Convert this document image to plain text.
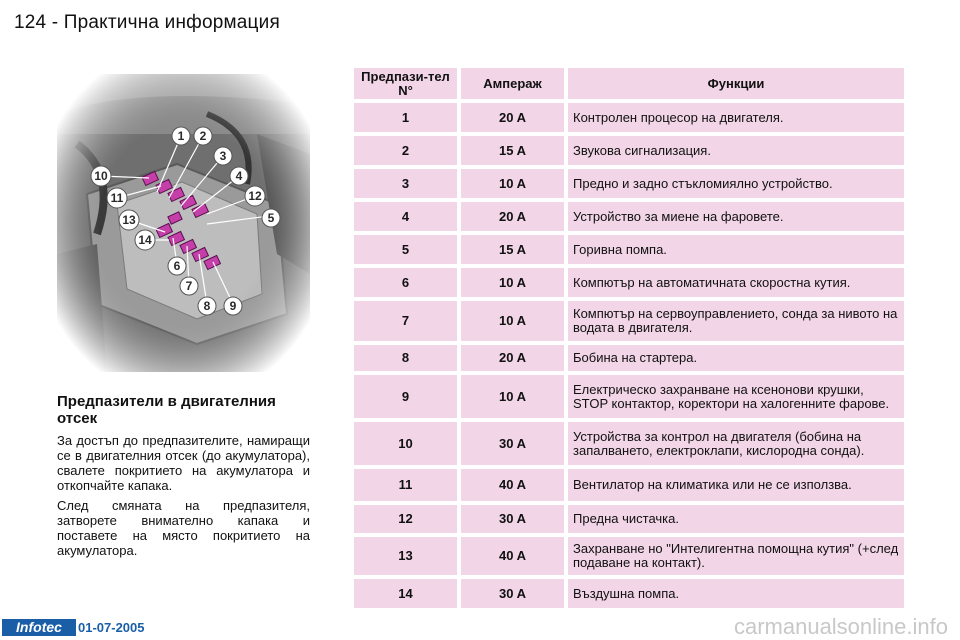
124 - Практична информация
1 2
3
4
5
6
7
8 9
10
11	12
13
14
Предпазители в двигателния отсек

За достъп до предпазителите, намиращи се в двигателния отсек (до акумулатора), свалете покритието на акумулатора и откопчайте капака.

След смяната на предпазителя, затворете внимателно капака и поставете на място покритието на акумулатора.

Предпази-тел N°	Ампераж	Функции
1	20 A	Контролен процесор на двигателя.
2	15 A	Звукова сигнализация.
3	10 A	Предно и задно стъкломиялно устройство.
4	20 A	Устройство за миене на фаровете.
5	15 A	Горивна помпа.
6	10 A	Компютър на автоматичната скоростна кутия.
7	10 A	Компютър на сервоуправлението, сонда за нивото на водата в двигателя.
8	20 A	Бобина на стартера.
9	10 A	Електрическо захранване на ксенонови крушки, STOP контактор, коректори на халогенните фарове.
10	30 A	Устройства за контрол на двигателя (бобина на запалването, електроклапи, кислородна сонда).
11	40 A	Вентилатор на климатика или не се използва.
12	30 A	Предна чистачка.
13	40 A	Захранване но "Интелигентна помощна кутия" (+след подаване на контакт).
14	30 A	Въздушна помпа.
Infotec	01-07-2005	carmanualsonline.info
